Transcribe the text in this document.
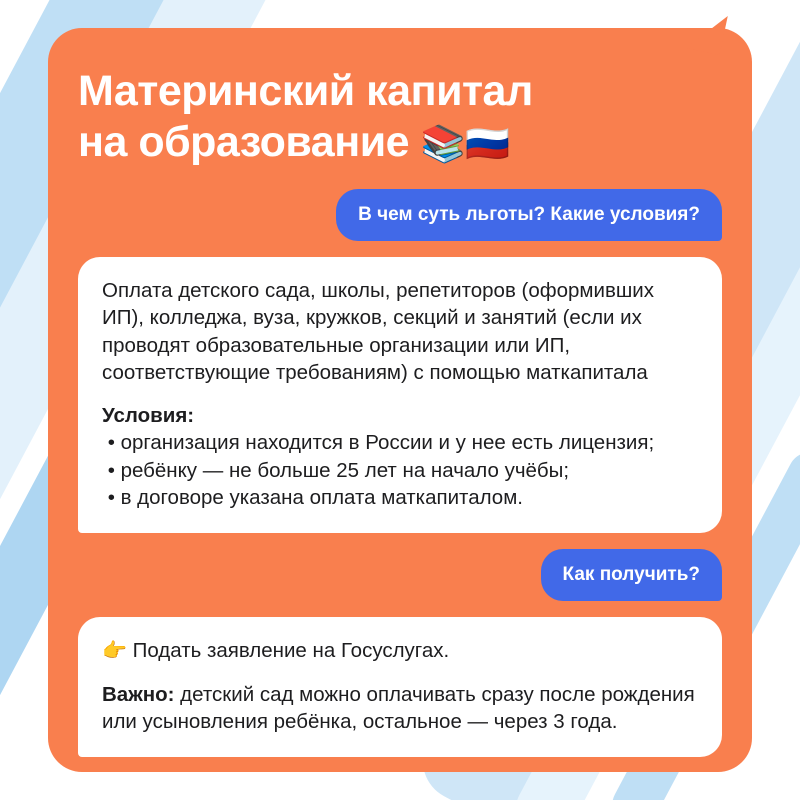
Материнский капитал
на образование 📚🇷🇺
В чем суть льготы? Какие условия?

Оплата детского сада, школы, репетиторов (оформивших ИП), колледжа, вуза, кружков, секций и занятий (если их проводят образовательные организации или ИП, соответствующие требованиям) с помощью маткапитала

Условия:

• организация находится в России и у нее есть лицензия;

• ребёнку — не больше 25 лет на начало учёбы;

• в договоре указана оплата маткапиталом.

Как получить?

👉 Подать заявление на Госуслугах.

Важно: детский сад можно оплачивать сразу после рождения или усыновления ребёнка, остальное — через 3 года.
